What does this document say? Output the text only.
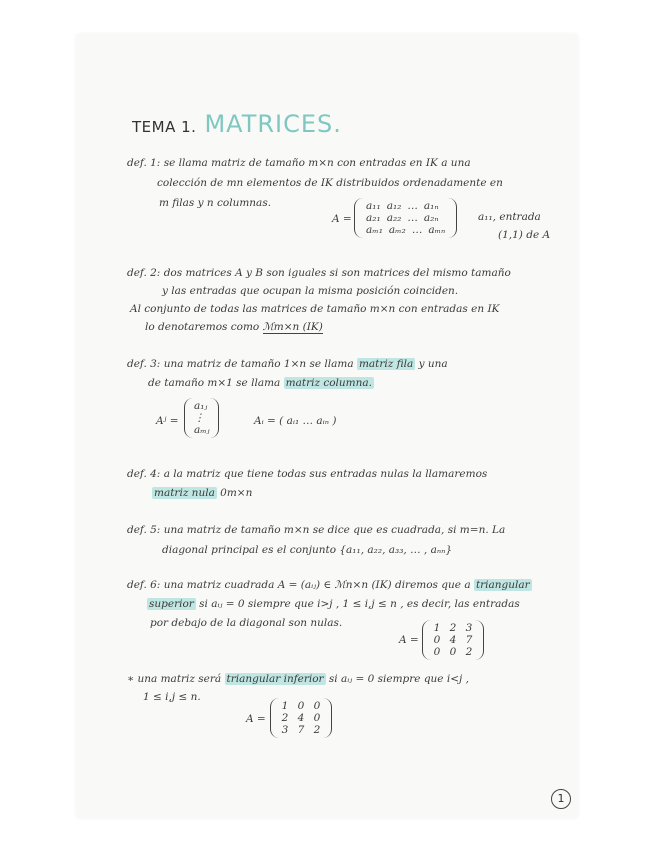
TEMA 1. MATRICES.
def. 1: se llama matriz de tamaño m×n con entradas en IK a una
colección de mn elementos de IK distribuidos ordenadamente en
m filas y n columnas.
A =
a₁₁ a₁₂ … a₁ₙ
a₂₁ a₂₂ … a₂ₙ
aₘ₁ aₘ₂ … aₘₙ
a₁₁, entrada
(1,1) de A
def. 2: dos matrices A y B son iguales si son matrices del mismo tamaño
y las entradas que ocupan la misma posición coinciden.
Al conjunto de todas las matrices de tamaño m×n con entradas en IK
lo denotaremos como ℳm×n (IK)
def. 3: una matriz de tamaño 1×n se llama matriz fila y una
de tamaño m×1 se llama matriz columna.
Aʲ =
a₁ⱼ
⋮
aₘⱼ
Aᵢ = ( aᵢ₁ … aᵢₙ )
def. 4: a la matriz que tiene todas sus entradas nulas la llamaremos
matriz nula 0m×n
def. 5: una matriz de tamaño m×n se dice que es cuadrada, si m=n. La
diagonal principal es el conjunto {a₁₁, a₂₂, a₃₃, … , aₙₙ}
def. 6: una matriz cuadrada A = (aᵢⱼ) ∈ ℳn×n (IK) diremos que a triangular
superior si aᵢⱼ = 0 siempre que i>j , 1 ≤ i,j ≤ n , es decir, las entradas
por debajo de la diagonal son nulas.
A =
1 2 3
0 4 7
0 0 2
∗ una matriz será triangular inferior si aᵢⱼ = 0 siempre que i<j ,
1 ≤ i,j ≤ n.
A =
1 0 0
2 4 0
3 7 2
1
